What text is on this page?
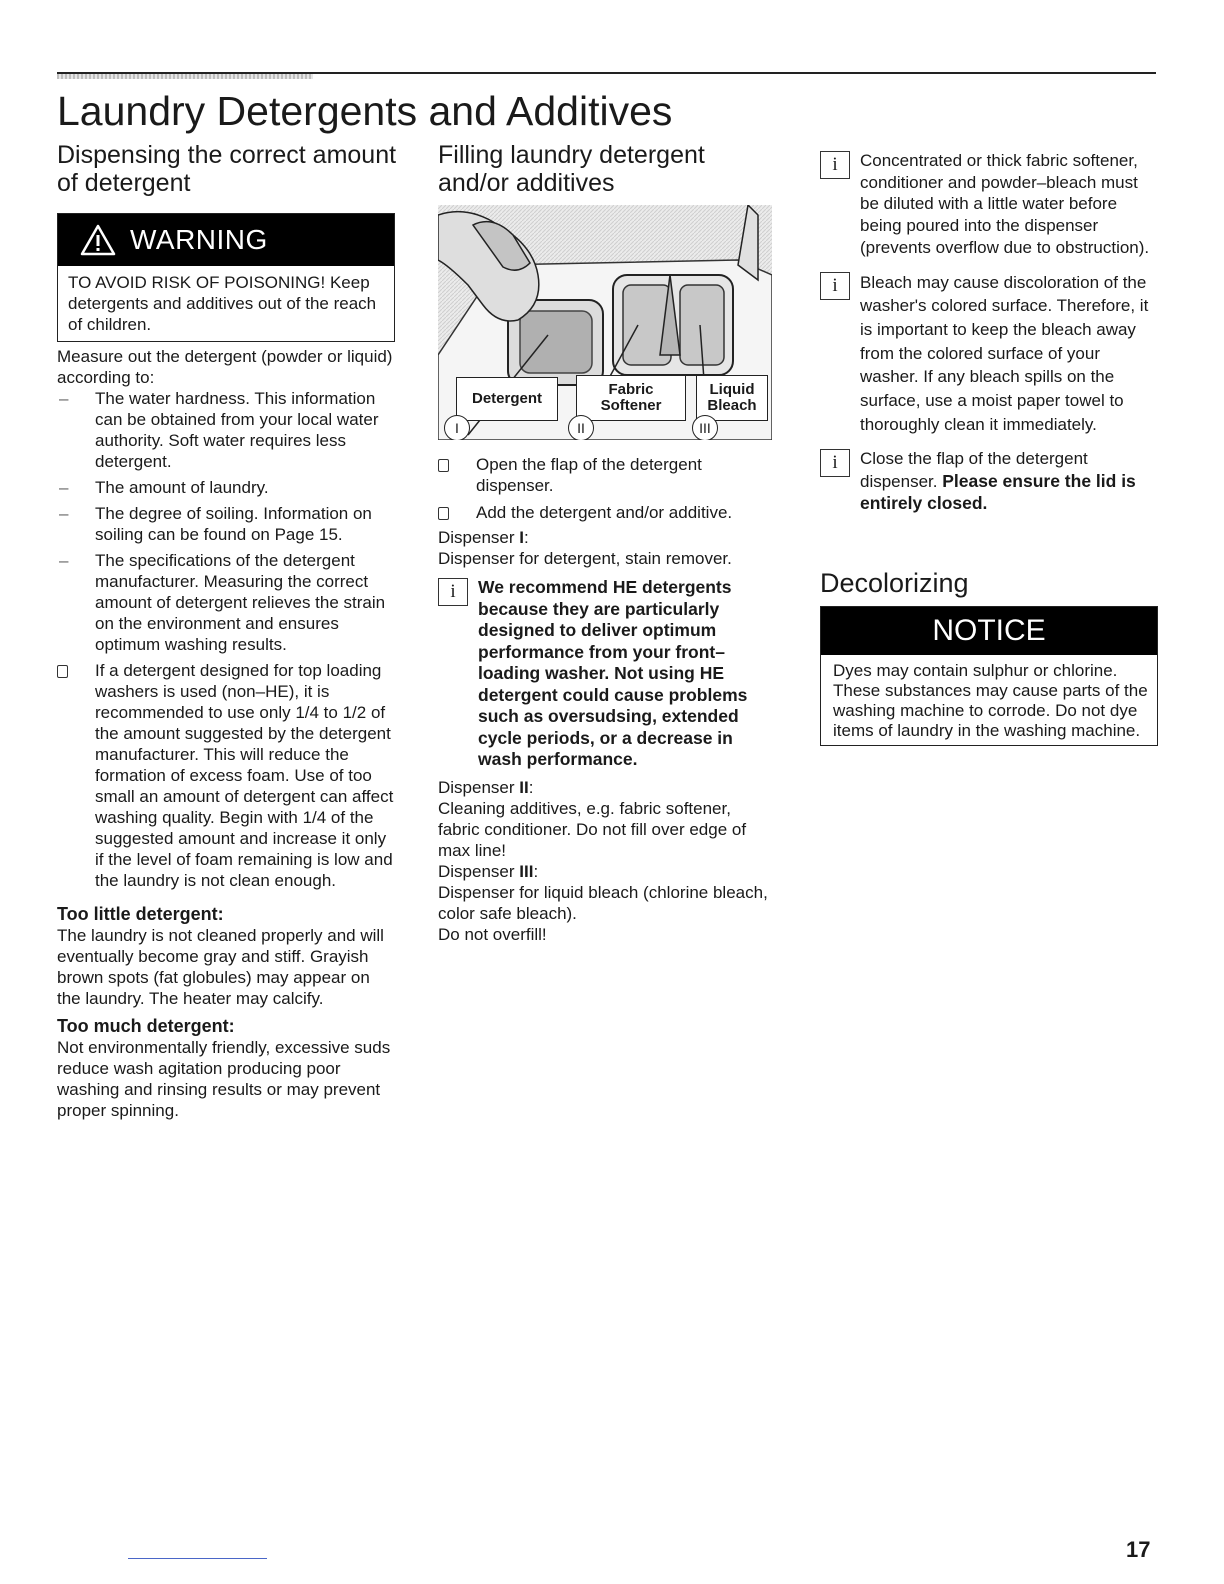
Laundry Detergents and Additives
Dispensing the correct amount of detergent
WARNING
TO AVOID RISK OF POISONING! Keep detergents and additives out of the reach of children.

Measure out the detergent (powder or liquid) according to:

– The water hardness. This information can be obtained from your local water authority. Soft water requires less detergent.
– The amount of laundry.
– The degree of soiling. Information on soiling can be found on Page 15.
– The specifications of the detergent manufacturer. Measuring the correct amount of detergent relieves the strain on the environment and ensures optimum washing results.
If a detergent designed for top loading washers is used (non–HE), it is recommended to use only 1/4 to 1/2 of the amount suggested by the detergent manufacturer. This will reduce the formation of excess foam. Use of too small an amount of detergent can affect washing quality. Begin with 1/4 of the suggested amount and increase it only if the level of foam remaining is low and the laundry is not clean enough.
Too little detergent:

The laundry is not cleaned properly and will eventually become gray and stiff. Grayish brown spots (fat globules) may appear on the laundry. The heater may calcify.

Too much detergent:

Not environmentally friendly, excessive suds reduce wash agitation producing poor washing and rinsing results or may prevent proper spinning.

Filling laundry detergent and/or additives
Detergent
Fabric
Softener
Liquid
Bleach
I	II	III
Open the flap of the detergent dispenser.
Add the detergent and/or additive.

Dispenser I:

Dispenser for detergent, stain remover.

i	We recommend HE detergents because they are particularly designed to deliver optimum performance from your front–loading washer. Not using HE detergent could cause problems such as oversudsing, extended cycle periods, or a decrease in wash performance.

Dispenser II:

Cleaning additives, e.g. fabric softener, fabric conditioner. Do not fill over edge of max line!

Dispenser III:

Dispenser for liquid bleach (chlorine bleach, color safe bleach).

Do not overfill!

i	Concentrated or thick fabric softener, conditioner and powder–bleach must be diluted with a little water before being poured into the dispenser (prevents overflow due to obstruction).
i	Bleach may cause discoloration of the washer's colored surface. Therefore, it is important to keep the bleach away from the colored surface of your washer. If any bleach spills on the surface, use a moist paper towel to thoroughly clean it immediately.
i	Close the flap of the detergent dispenser. Please ensure the lid is entirely closed.
Decolorizing
NOTICE
Dyes may contain sulphur or chlorine. These substances may cause parts of the washing machine to corrode. Do not dye items of laundry in the washing machine.
17
